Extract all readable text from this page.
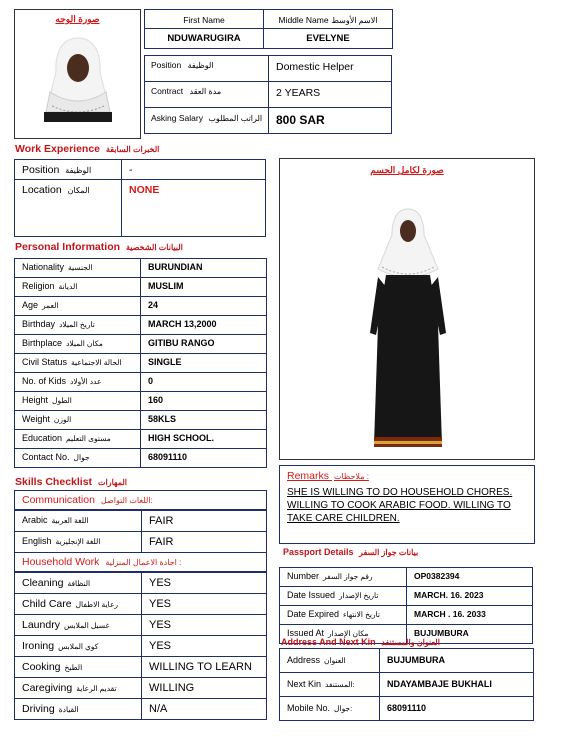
صورة الوجه	First Name	Middle Name الاسم الأوسط
NDUWARUGIRA	EVELYNE
Position الوظيفة	Domestic Helper
Contract مدة العقد	2 YEARS
Asking Salary الراتب المطلوب 800 SAR
Work Experience الخبرات السابقة
Position الوظيفة	-
Location المكان	NONE
صورة لكامل الجسم
Personal Information البيانات الشخصية
Nationality الجنسية	BURUNDIAN
Religion الديانة	MUSLIM
Age العمر	24
Birthday تاريخ الميلاد	MARCH 13,2000
Birthplace مكان الميلاد	GITIBU RANGO
Civil Status الحالة الاجتماعية	SINGLE
No. of Kids عدد الأولاد	0
Height الطول	160
Weight الوزن	58KLS
Education مستوى التعليم	HIGH SCHOOL.
Contact No. جوال	68091110
Skills Checklist المهارات
Communication اللغات التواصل:
Arabic اللغة العربية	FAIR
English اللغة الإنجليزية	FAIR
Household Work اجادة الاعمال المنزلية :
Cleaning النظافة	YES
Child Care رعاية الاطفال	YES
Laundry غسيل الملابس	YES
Ironing كوي الملابس	YES
Cooking الطبخ	WILLING TO LEARN
Caregiving تقديم الرعاية	WILLING
Driving القيادة	N/A
Remarks ملاحظات :
SHE IS WILLING TO DO HOUSEHOLD CHORES. WILLING TO COOK ARABIC FOOD. WILLING TO TAKE CARE CHILDREN.
Passport Details بيانات جواز السفر
Number رقم جواز السفر	OP0382394
Date Issued تاريخ الإصدار	MARCH. 16. 2023
Date Expired تاريخ الانتهاء	MARCH . 16. 2033
Issued At مكان الإصدار	BUJUMBURA
Address And Next Kin العنوان والمستنفد
Address العنوان	BUJUMBURA
Next Kin المستنفد:	NDAYAMBAJE BUKHALI
Mobile No. جوال:	68091110
